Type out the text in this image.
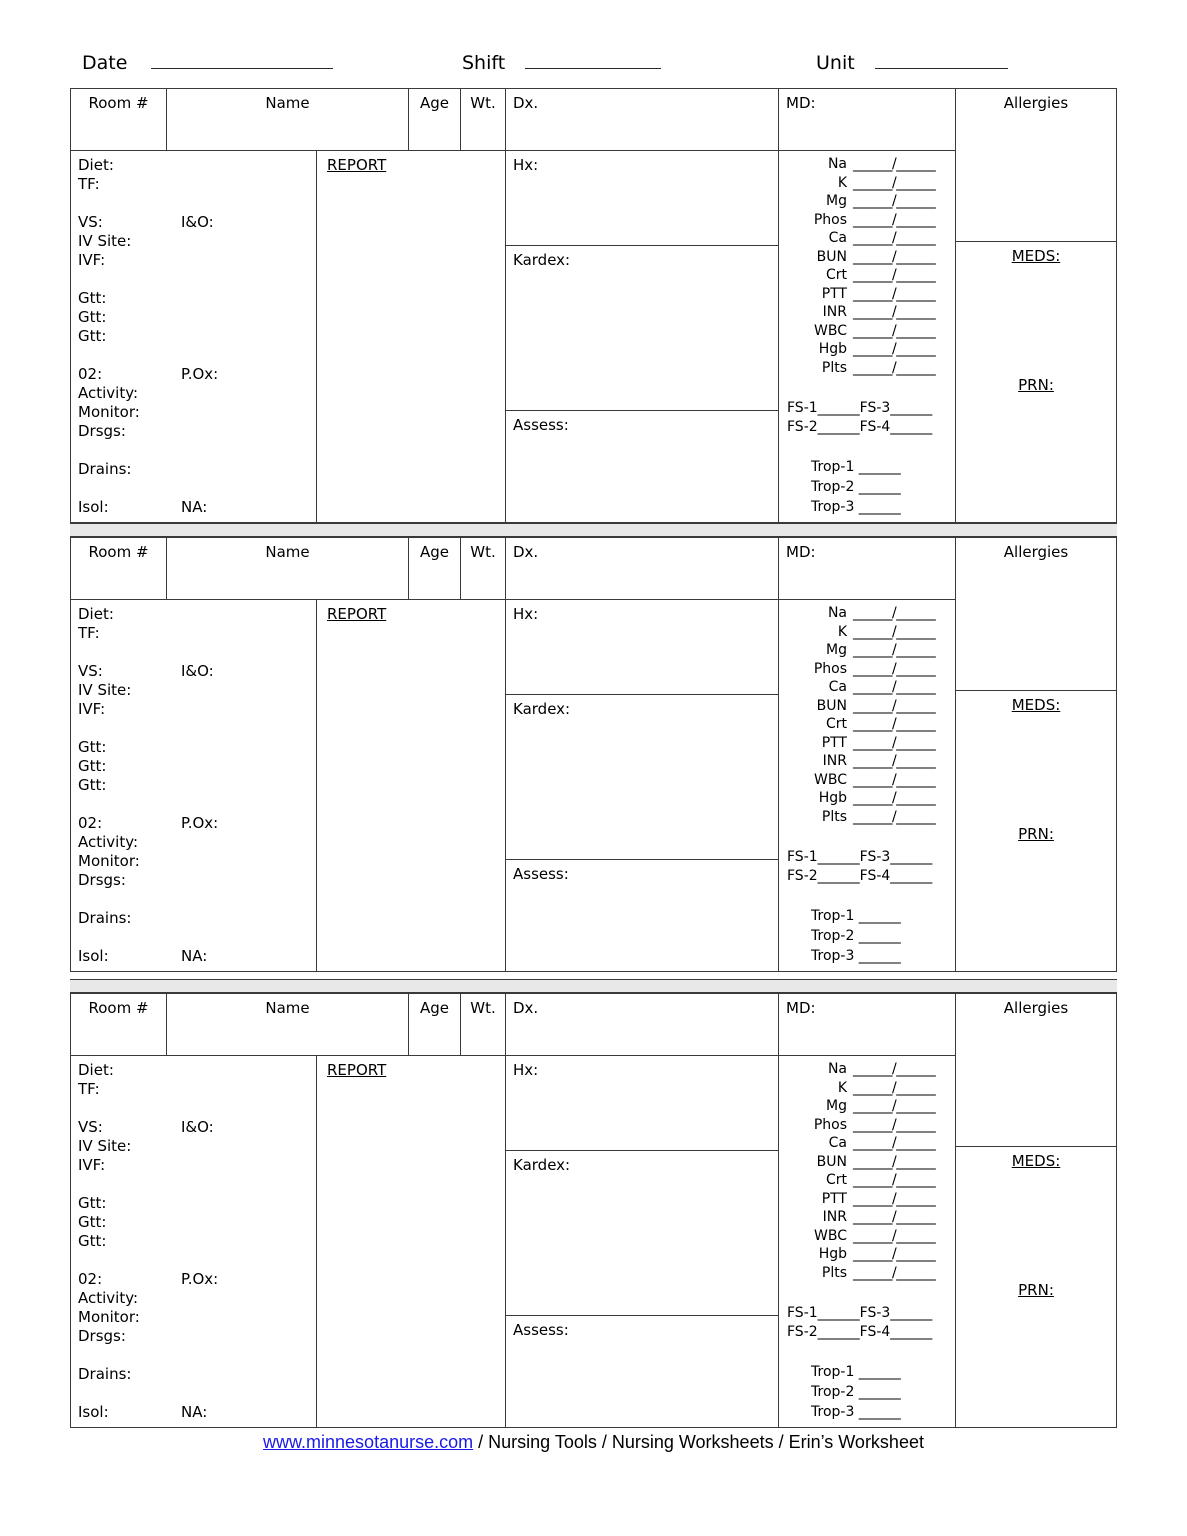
Date	Shift	Unit
Room #	Name	Age	Wt.	Dx.	MD:	Allergies
Diet:
TF:
VS:	I&O:
IV Site:
IVF:
Gtt:
Gtt:
Gtt:
02:	P.Ox:
Activity:
Monitor:
Drsgs:
Drains:
Isol:	NA:
REPORT	Hx:
Kardex:
Assess:
Na ______/______
K ______/______
Mg ______/______
Phos ______/______
Ca ______/______
BUN ______/______
Crt ______/______
PTT ______/______
INR ______/______
WBC ______/______
Hgb ______/______
Plts ______/______
FS-1______FS-3______
FS-2______FS-4______
Trop-1 ______
Trop-2 ______
Trop-3 ______
MEDS:
PRN:
Room #	Name	Age	Wt.	Dx.	MD:	Allergies
Diet:
TF:
VS:	I&O:
IV Site:
IVF:
Gtt:
Gtt:
Gtt:
02:	P.Ox:
Activity:
Monitor:
Drsgs:
Drains:
Isol:	NA:
REPORT	Hx:
Kardex:
Assess:
Na ______/______
K ______/______
Mg ______/______
Phos ______/______
Ca ______/______
BUN ______/______
Crt ______/______
PTT ______/______
INR ______/______
WBC ______/______
Hgb ______/______
Plts ______/______
FS-1______FS-3______
FS-2______FS-4______
Trop-1 ______
Trop-2 ______
Trop-3 ______
MEDS:
PRN:
Room #	Name	Age	Wt.	Dx.	MD:	Allergies
Diet:
TF:
VS:	I&O:
IV Site:
IVF:
Gtt:
Gtt:
Gtt:
02:	P.Ox:
Activity:
Monitor:
Drsgs:
Drains:
Isol:	NA:
REPORT	Hx:
Kardex:
Assess:
Na ______/______
K ______/______
Mg ______/______
Phos ______/______
Ca ______/______
BUN ______/______
Crt ______/______
PTT ______/______
INR ______/______
WBC ______/______
Hgb ______/______
Plts ______/______
FS-1______FS-3______
FS-2______FS-4______
Trop-1 ______
Trop-2 ______
Trop-3 ______
MEDS:
PRN:
www.minnesotanurse.com / Nursing Tools / Nursing Worksheets / Erin’s Worksheet
